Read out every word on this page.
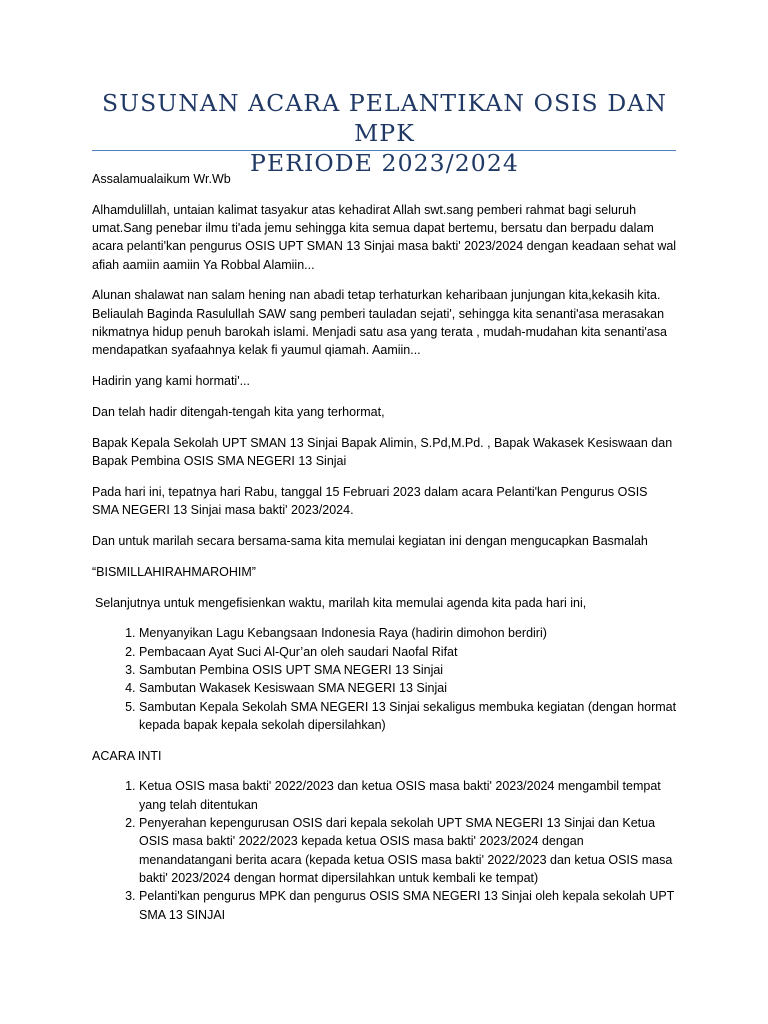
SUSUNAN ACARA PELANTIKAN OSIS DAN MPK
PERIODE 2023/2024

Assalamualaikum Wr.Wb

Alhamdulillah, untaian kalimat tasyakur atas kehadirat Allah swt.sang pemberi rahmat bagi seluruh umat.Sang penebar ilmu ti'ada jemu sehingga kita semua dapat bertemu, bersatu dan berpadu dalam acara pelanti'kan pengurus OSIS UPT SMAN 13 Sinjai masa bakti' 2023/2024 dengan keadaan sehat wal afiah aamiin aamiin Ya Robbal Alamiin...

Alunan shalawat nan salam hening nan abadi tetap terhaturkan keharibaan junjungan kita,kekasih kita. Beliaulah Baginda Rasulullah SAW sang pemberi tauladan sejati', sehingga kita senanti'asa merasakan nikmatnya hidup penuh barokah islami. Menjadi satu asa yang terata , mudah-mudahan kita senanti'asa mendapatkan syafaahnya kelak fi yaumul qiamah. Aamiin...

Hadirin yang kami hormati'...

Dan telah hadir ditengah-tengah kita yang terhormat,

Bapak Kepala Sekolah UPT SMAN 13 Sinjai Bapak Alimin, S.Pd,M.Pd. , Bapak Wakasek Kesiswaan dan Bapak Pembina OSIS SMA NEGERI 13 Sinjai

Pada hari ini, tepatnya hari Rabu, tanggal 15 Februari 2023 dalam acara Pelanti'kan Pengurus OSIS SMA NEGERI 13 Sinjai masa bakti' 2023/2024.

Dan untuk marilah secara bersama-sama kita memulai kegiatan ini dengan mengucapkan Basmalah

“BISMILLAHIRAHMAROHIM”

Selanjutnya untuk mengefisienkan waktu, marilah kita memulai agenda kita pada hari ini,

1. Menyanyikan Lagu Kebangsaan Indonesia Raya (hadirin dimohon berdiri)
2. Pembacaan Ayat Suci Al-Qur’an oleh saudari Naofal Rifat
3. Sambutan Pembina OSIS UPT SMA NEGERI 13 Sinjai
4. Sambutan Wakasek Kesiswaan SMA NEGERI 13 Sinjai
5. Sambutan Kepala Sekolah SMA NEGERI 13 Sinjai sekaligus membuka kegiatan (dengan hormat kepada bapak kepala sekolah dipersilahkan)

ACARA INTI

1. Ketua OSIS masa bakti' 2022/2023 dan ketua OSIS masa bakti' 2023/2024 mengambil tempat yang telah ditentukan
2. Penyerahan kepengurusan OSIS dari kepala sekolah UPT SMA NEGERI 13 Sinjai dan Ketua OSIS masa bakti' 2022/2023 kepada ketua OSIS masa bakti' 2023/2024 dengan menandatangani berita acara (kepada ketua OSIS masa bakti' 2022/2023 dan ketua OSIS masa bakti' 2023/2024 dengan hormat dipersilahkan untuk kembali ke tempat)
3. Pelanti'kan pengurus MPK dan pengurus OSIS SMA NEGERI 13 Sinjai oleh kepala sekolah UPT SMA 13 SINJAI
